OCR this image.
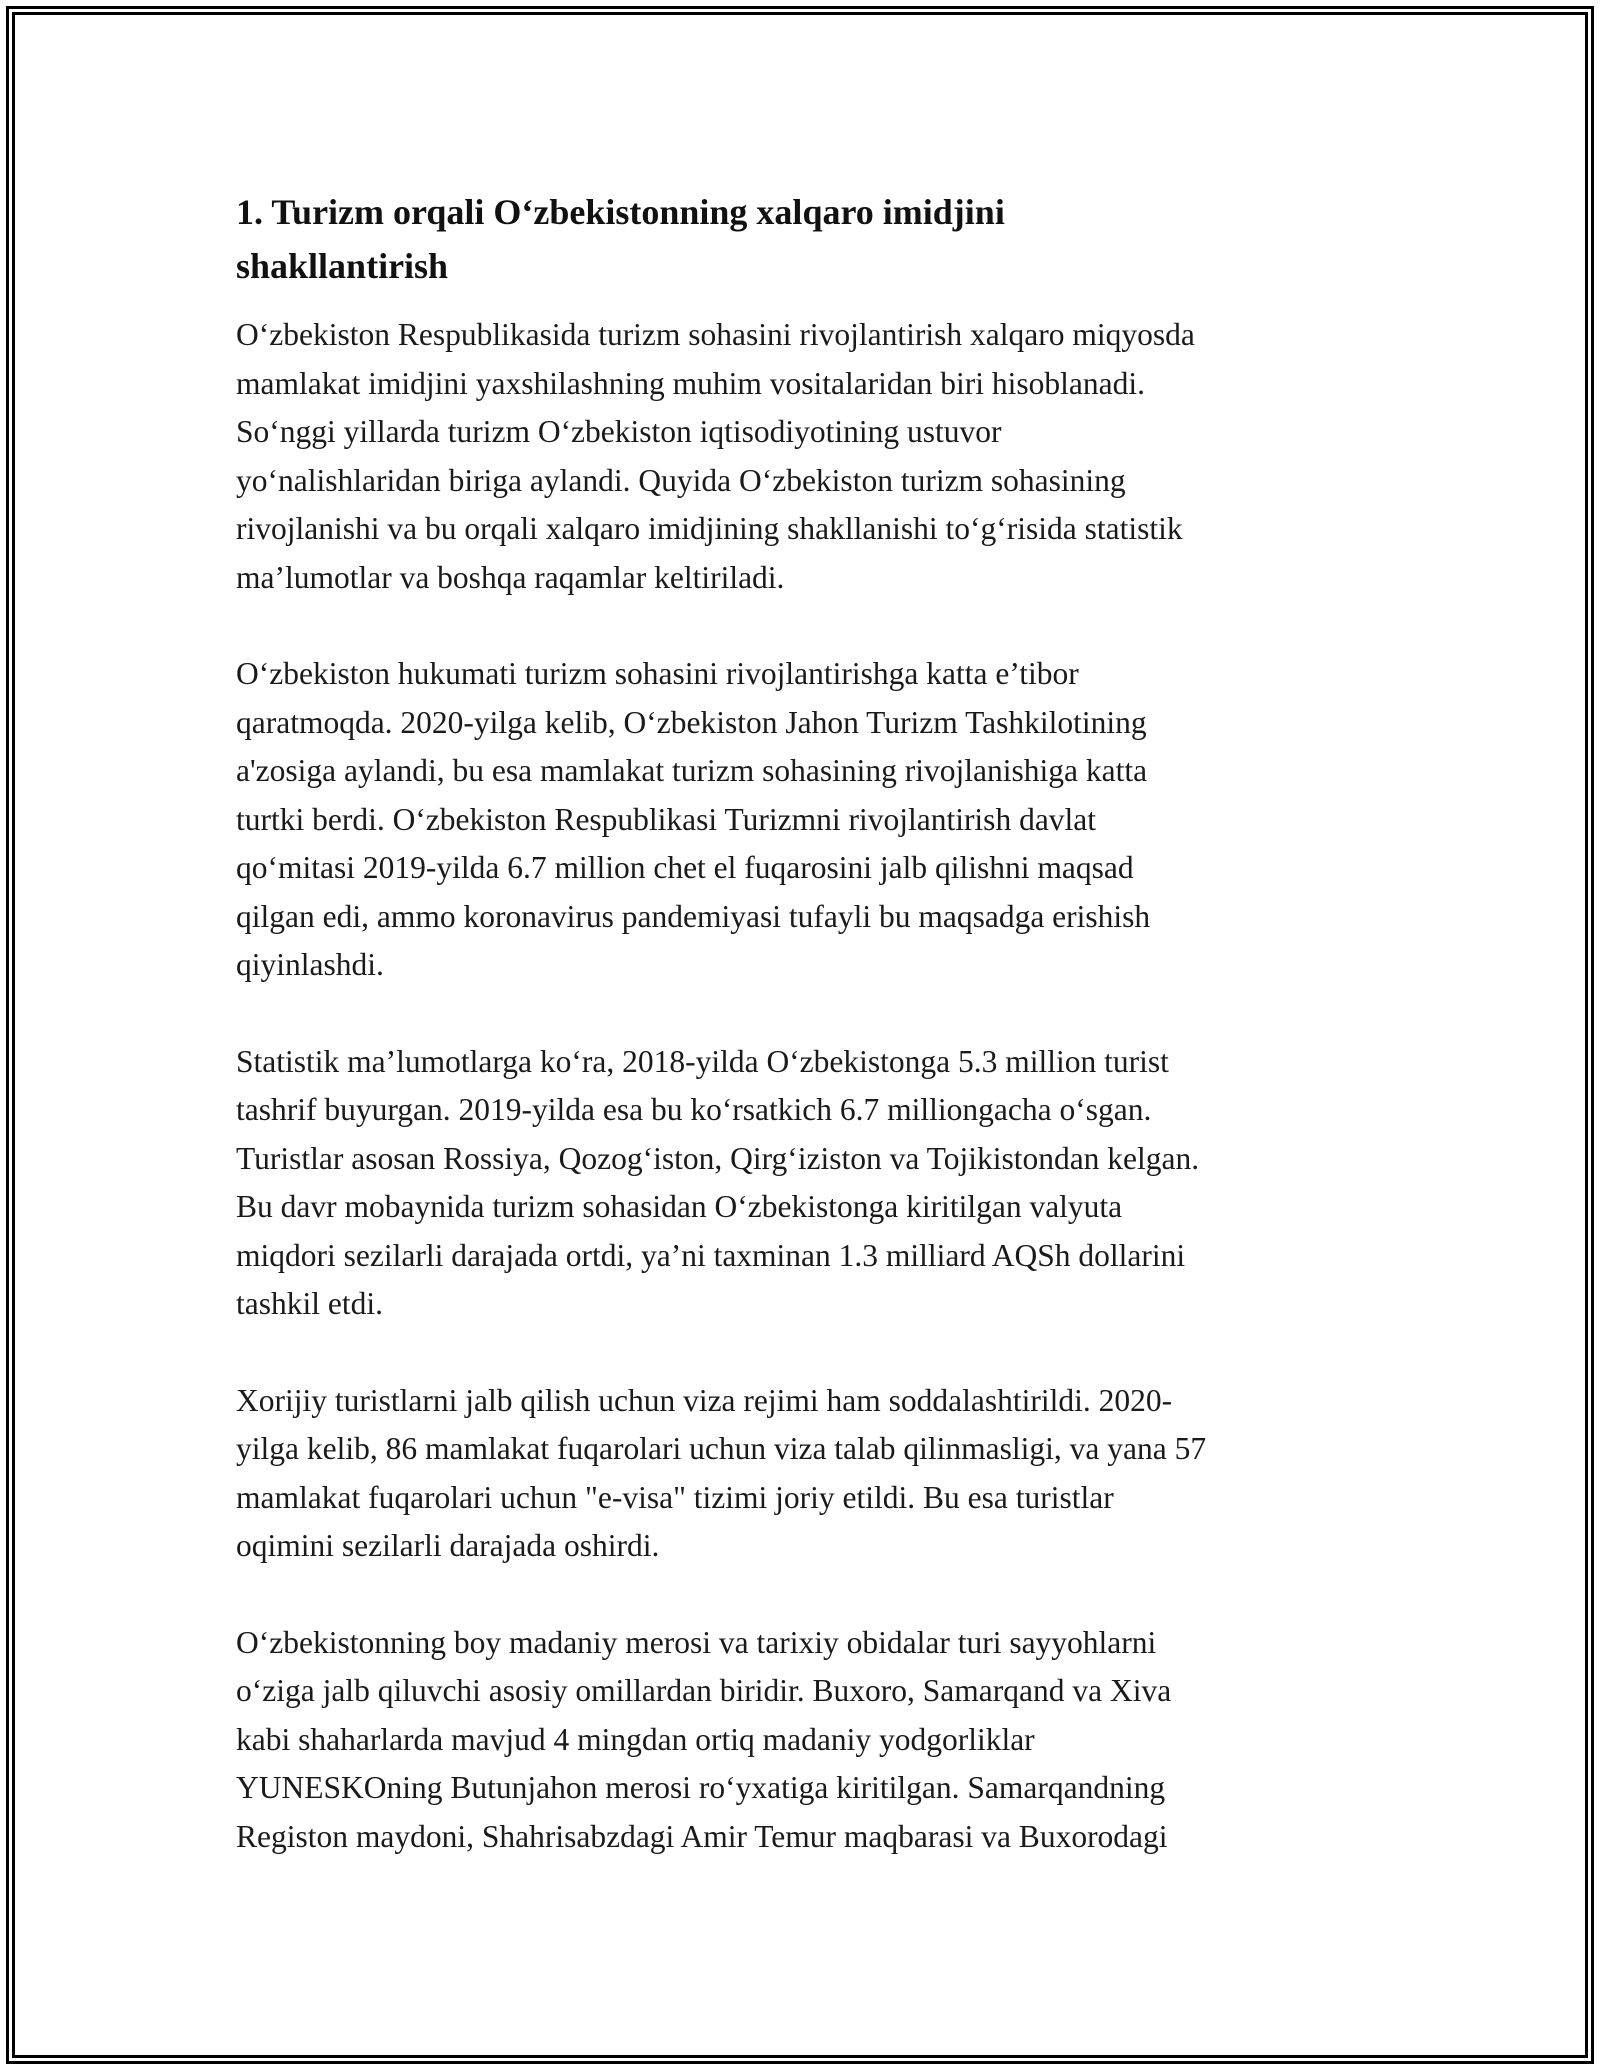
1. Turizm orqali O‘zbekistonning xalqaro imidjini
shakllantirish

O‘zbekiston Respublikasida turizm sohasini rivojlantirish xalqaro miqyosda
mamlakat imidjini yaxshilashning muhim vositalaridan biri hisoblanadi.
So‘nggi yillarda turizm O‘zbekiston iqtisodiyotining ustuvor
yo‘nalishlaridan biriga aylandi. Quyida O‘zbekiston turizm sohasining
rivojlanishi va bu orqali xalqaro imidjining shakllanishi to‘g‘risida statistik
ma’lumotlar va boshqa raqamlar keltiriladi.

O‘zbekiston hukumati turizm sohasini rivojlantirishga katta e’tibor
qaratmoqda. 2020-yilga kelib, O‘zbekiston Jahon Turizm Tashkilotining
a'zosiga aylandi, bu esa mamlakat turizm sohasining rivojlanishiga katta
turtki berdi. O‘zbekiston Respublikasi Turizmni rivojlantirish davlat
qo‘mitasi 2019-yilda 6.7 million chet el fuqarosini jalb qilishni maqsad
qilgan edi, ammo koronavirus pandemiyasi tufayli bu maqsadga erishish
qiyinlashdi.

Statistik ma’lumotlarga ko‘ra, 2018-yilda O‘zbekistonga 5.3 million turist
tashrif buyurgan. 2019-yilda esa bu ko‘rsatkich 6.7 milliongacha o‘sgan.
Turistlar asosan Rossiya, Qozog‘iston, Qirg‘iziston va Tojikistondan kelgan.
Bu davr mobaynida turizm sohasidan O‘zbekistonga kiritilgan valyuta
miqdori sezilarli darajada ortdi, ya’ni taxminan 1.3 milliard AQSh dollarini
tashkil etdi.

Xorijiy turistlarni jalb qilish uchun viza rejimi ham soddalashtirildi. 2020-
yilga kelib, 86 mamlakat fuqarolari uchun viza talab qilinmasligi, va yana 57
mamlakat fuqarolari uchun "e-visa" tizimi joriy etildi. Bu esa turistlar
oqimini sezilarli darajada oshirdi.

O‘zbekistonning boy madaniy merosi va tarixiy obidalar turi sayyohlarni
o‘ziga jalb qiluvchi asosiy omillardan biridir. Buxoro, Samarqand va Xiva
kabi shaharlarda mavjud 4 mingdan ortiq madaniy yodgorliklar
YUNESKOning Butunjahon merosi ro‘yxatiga kiritilgan. Samarqandning
Registon maydoni, Shahrisabzdagi Amir Temur maqbarasi va Buxorodagi
